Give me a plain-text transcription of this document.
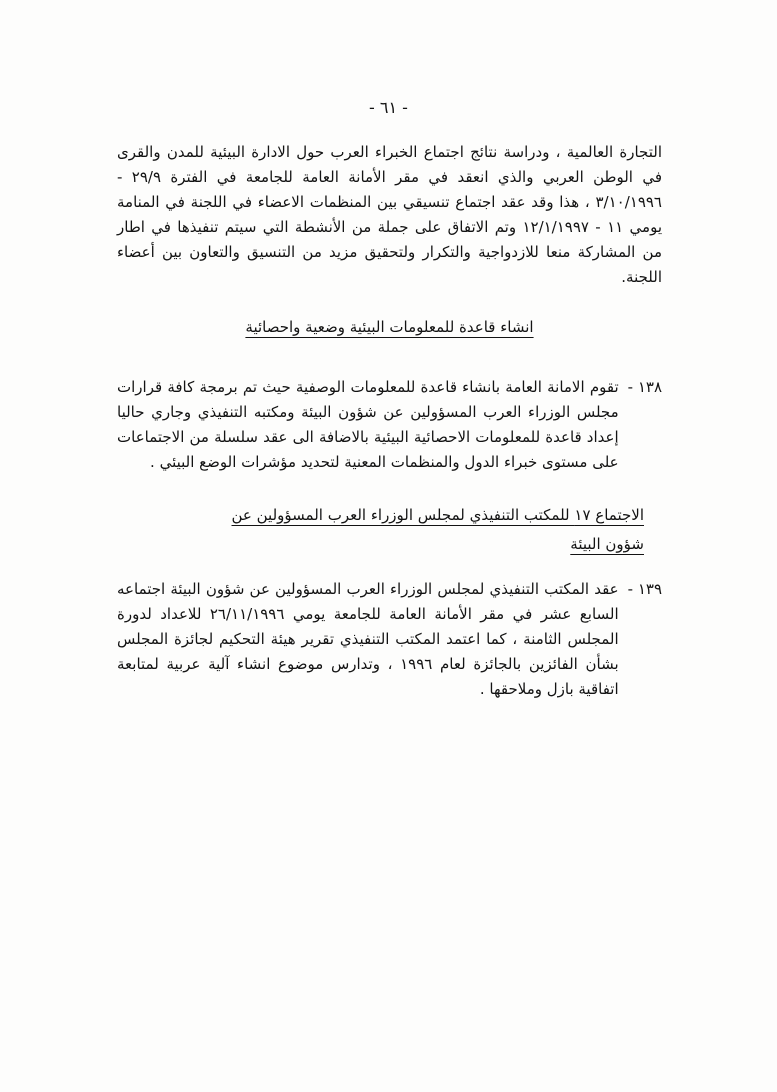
- ٦١ -

التجارة العالمية ، ودراسة نتائج اجتماع الخبراء العرب حول الادارة البيئية للمدن والقرى في الوطن العربي والذي انعقد في مقر الأمانة العامة للجامعة في الفترة ٢٩/٩ - ٣/١٠/١٩٩٦ ، هذا وقد عقد اجتماع تنسيقي بين المنظمات الاعضاء في اللجنة في المنامة يومي ١١ - ١٢/١/١٩٩٧ وتم الاتفاق على جملة من الأنشطة التي سيتم تنفيذها في اطار من المشاركة منعا للازدواجية والتكرار ولتحقيق مزيد من التنسيق والتعاون بين أعضاء اللجنة.

انشاء قاعدة للمعلومات البيئية وضعية واحصائية
١٣٨ -

تقوم الامانة العامة بانشاء قاعدة للمعلومات الوصفية حيث تم برمجة كافة قرارات مجلس الوزراء العرب المسؤولين عن شؤون البيئة ومكتبه التنفيذي وجاري حاليا إعداد قاعدة للمعلومات الاحصائية البيئية بالاضافة الى عقد سلسلة من الاجتماعات على مستوى خبراء الدول والمنظمات المعنية لتحديد مؤشرات الوضع البيئي .

الاجتماع ١٧ للمكتب التنفيذي لمجلس الوزراء العرب المسؤولين عن شؤون البيئة
١٣٩ -

عقد المكتب التنفيذي لمجلس الوزراء العرب المسؤولين عن شؤون البيئة اجتماعه السابع عشر في مقر الأمانة العامة للجامعة يومي ٢٦/١١/١٩٩٦ للاعداد لدورة المجلس الثامنة ، كما اعتمد المكتب التنفيذي تقرير هيئة التحكيم لجائزة المجلس بشأن الفائزين بالجائزة لعام ١٩٩٦ ، وتدارس موضوع انشاء آلية عربية لمتابعة اتفاقية بازل وملاحقها .
